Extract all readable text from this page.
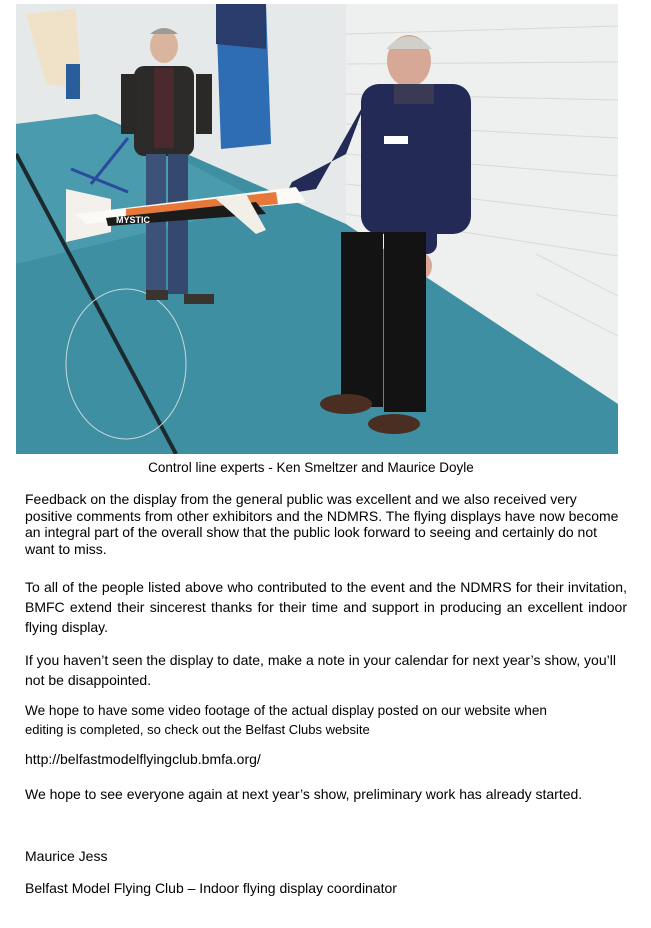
MYSTIC
Control line experts - Ken Smeltzer and Maurice Doyle
Feedback on the display from the general public was excellent and we also received very positive comments from other exhibitors and the NDMRS. The flying displays have now become an integral part of the overall show that the public look forward to seeing and certainly do not want to miss.
To all of the people listed above who contributed to the event and the NDMRS for their invitation, BMFC extend their sincerest thanks for their time and support in producing an excellent indoor flying display.
If you haven’t seen the display to date, make a note in your calendar for next year’s show, you’ll not be disappointed.
We hope to have some video footage of the actual display posted on our website when
editing is completed, so check out the Belfast Clubs website
http://belfastmodelflyingclub.bmfa.org/
We hope to see everyone again at next year’s show, preliminary work has already started.
Maurice Jess
Belfast Model Flying Club – Indoor flying display coordinator
